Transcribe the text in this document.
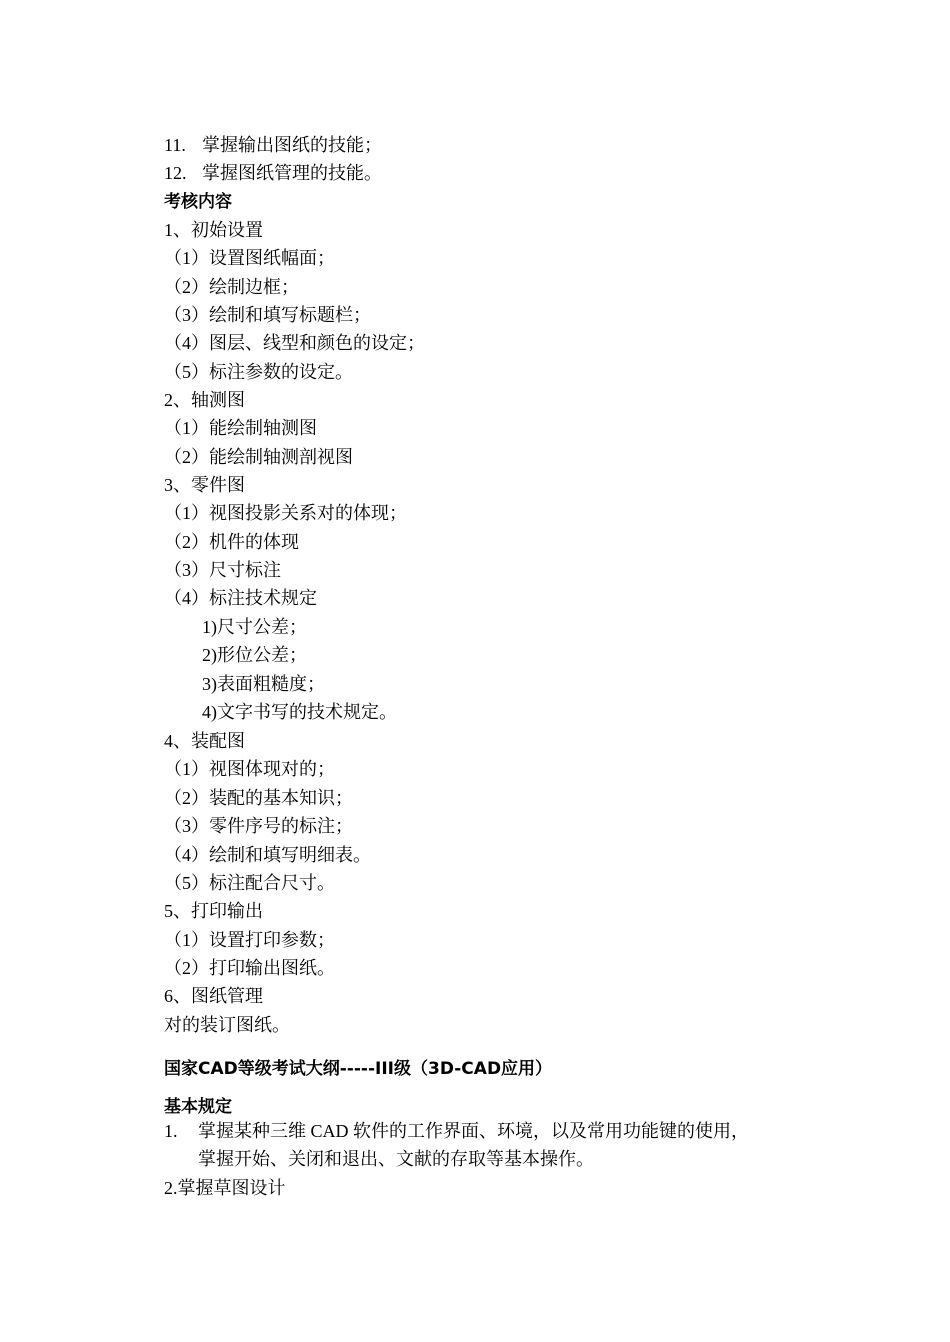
11. 掌握输出图纸的技能；
12. 掌握图纸管理的技能。
考核内容
1、初始设置
（1）设置图纸幅面；
（2）绘制边框；
（3）绘制和填写标题栏；
（4）图层、线型和颜色的设定；
（5）标注参数的设定。
2、轴测图
（1）能绘制轴测图
（2）能绘制轴测剖视图
3、零件图
（1）视图投影关系对的体现；
（2）机件的体现
（3）尺寸标注
（4）标注技术规定
1)尺寸公差；
2)形位公差；
3)表面粗糙度；
4)文字书写的技术规定。
4、装配图
（1）视图体现对的；
（2）装配的基本知识；
（3）零件序号的标注；
（4）绘制和填写明细表。
（5）标注配合尺寸。
5、打印输出
（1）设置打印参数；
（2）打印输出图纸。
6、图纸管理
对的装订图纸。
国家CAD等级考试大纲-----III级（3D-CAD应用）
基本规定
1. 掌握某种三维 CAD 软件的工作界面、环境，以及常用功能键的使用，
掌握开始、关闭和退出、文献的存取等基本操作。
2.掌握草图设计
